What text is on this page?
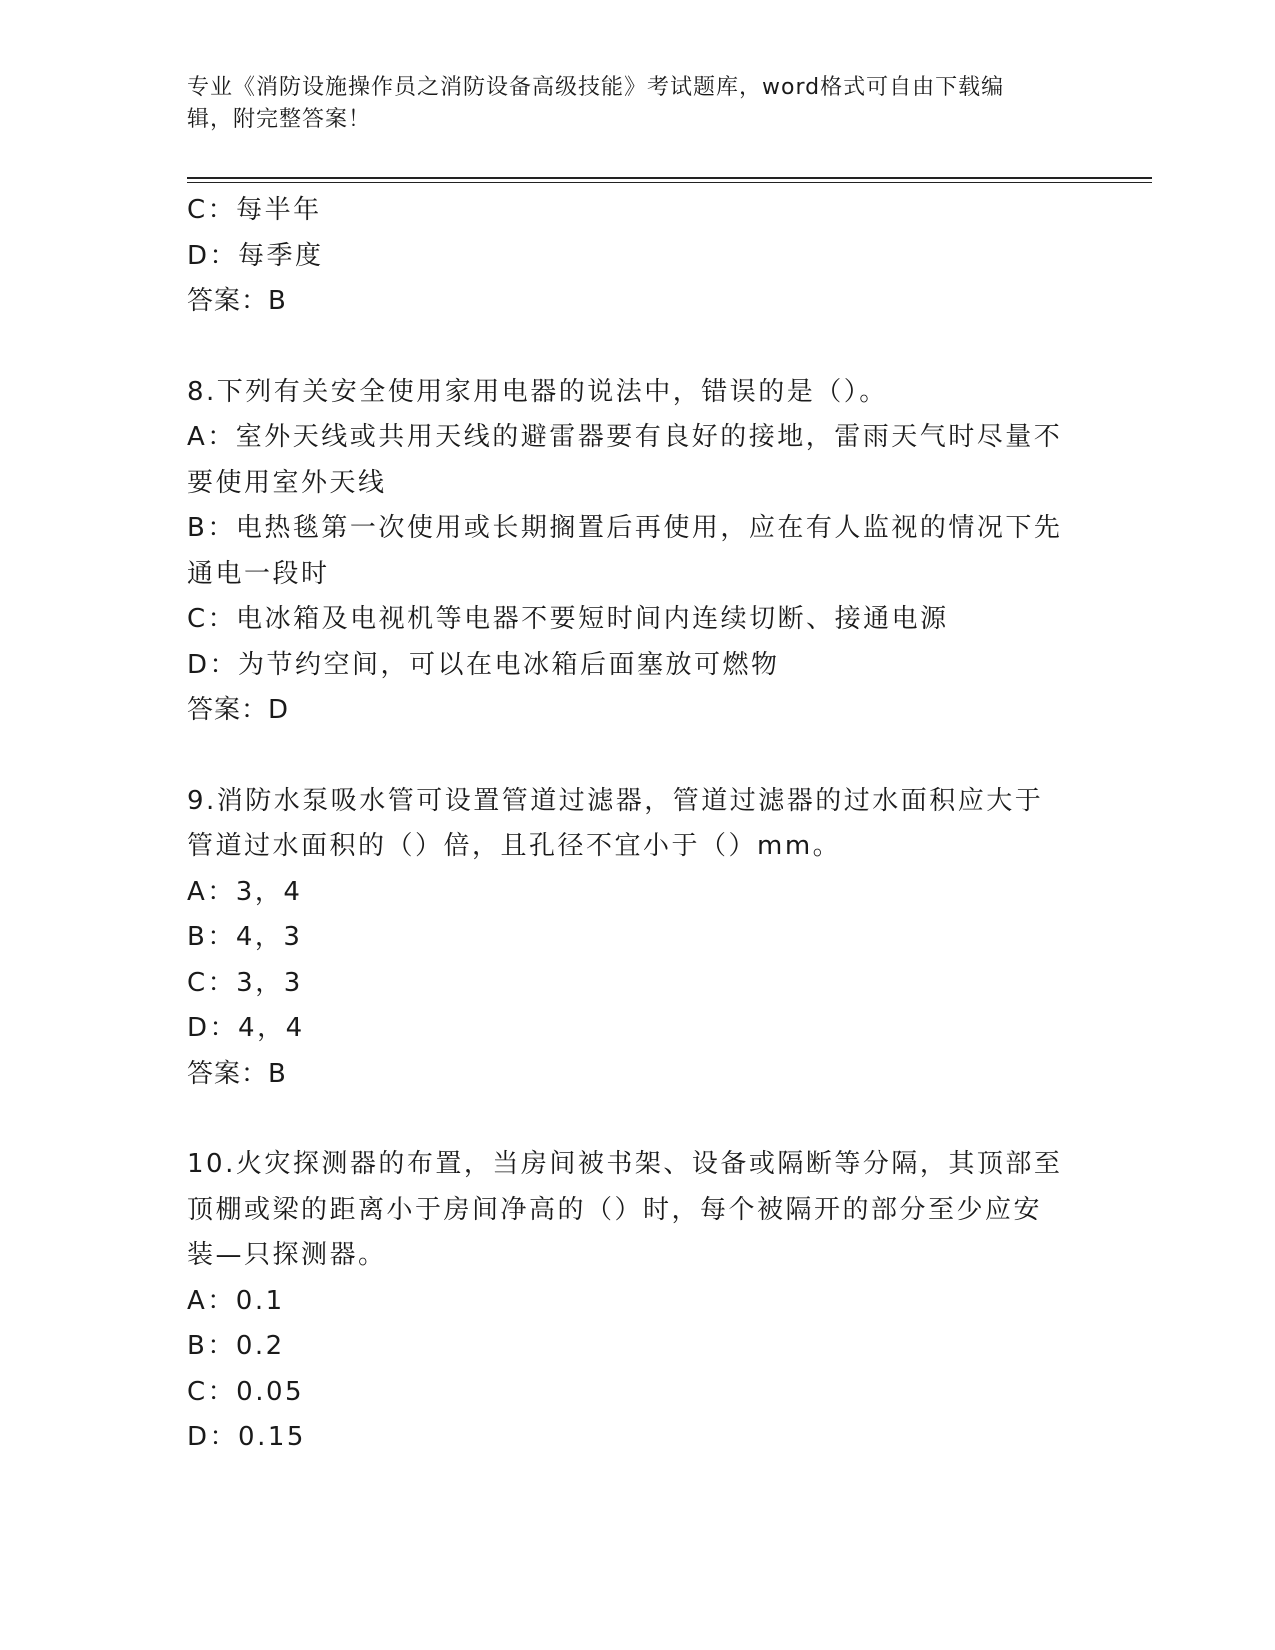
专业《消防设施操作员之消防设备高级技能》考试题库，word格式可自由下载编
辑，附完整答案！
C：每半年
D：每季度
答案：B
8.下列有关安全使用家用电器的说法中，错误的是（）。
A：室外天线或共用天线的避雷器要有良好的接地，雷雨天气时尽量不
要使用室外天线
B：电热毯第一次使用或长期搁置后再使用，应在有人监视的情况下先
通电一段时
C：电冰箱及电视机等电器不要短时间内连续切断、接通电源
D：为节约空间，可以在电冰箱后面塞放可燃物
答案：D
9.消防水泵吸水管可设置管道过滤器，管道过滤器的过水面积应大于
管道过水面积的（）倍，且孔径不宜小于（）mm。
A：3，4
B：4，3
C：3，3
D：4，4
答案：B
10.火灾探测器的布置，当房间被书架、设备或隔断等分隔，其顶部至
顶棚或梁的距离小于房间净高的（）时，每个被隔开的部分至少应安
装—只探测器。
A：0.1
B：0.2
C：0.05
D：0.15
